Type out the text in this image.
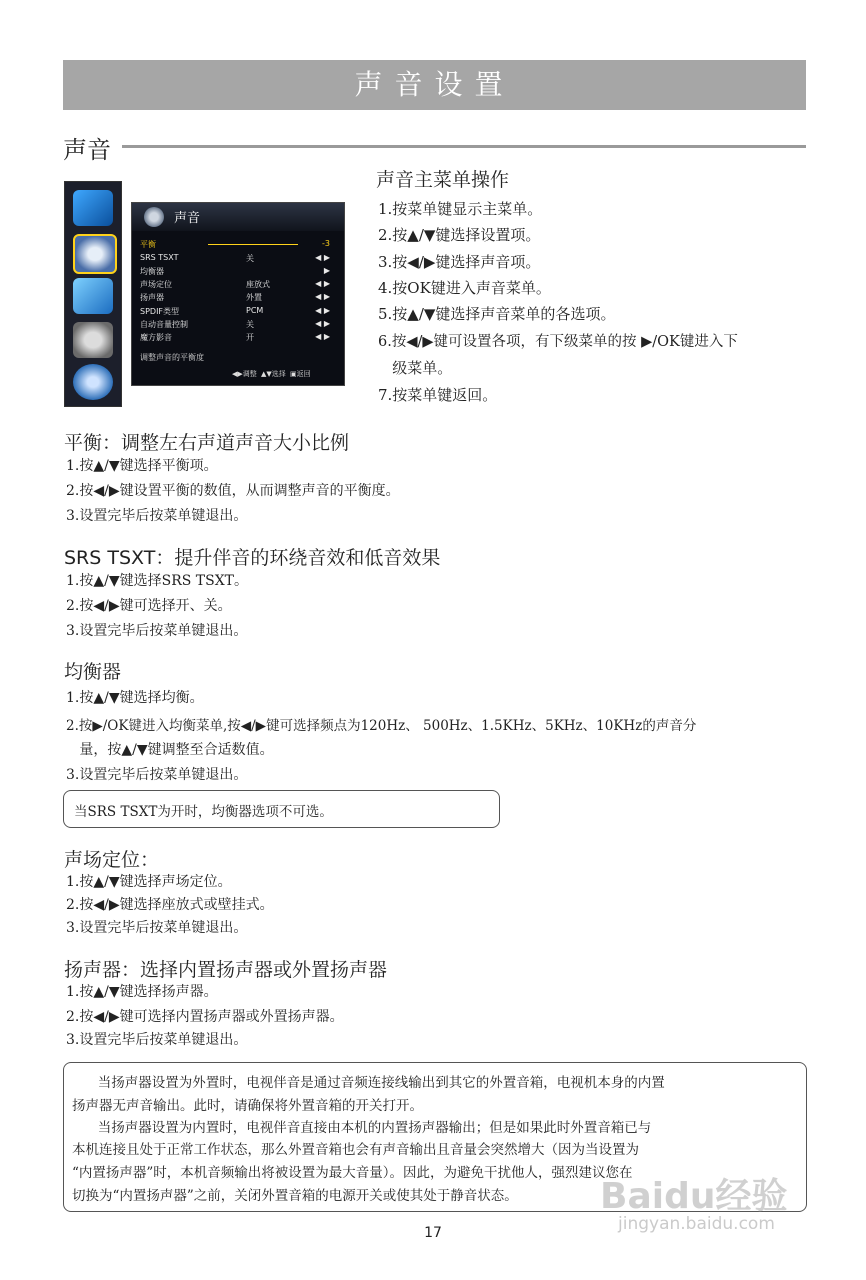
声音设置
声音
声音
平衡	-3
SRS TSXT	关	◀ ▶
均衡器	▶
声场定位	座放式	◀ ▶
扬声器	外置	◀ ▶
SPDIF类型	PCM	◀ ▶
自动音量控制	关	◀ ▶
魔方影音	开	◀ ▶
调整声音的平衡度
◀▶调整 ▲▼选择 ▣返回
声音主菜单操作
1.按菜单键显示主菜单。
2.按▲/▼键选择设置项。
3.按◀/▶键选择声音项。
4.按OK键进入声音菜单。
5.按▲/▼键选择声音菜单的各选项。
6.按◀/▶键可设置各项，有下级菜单的按 ▶/OK键进入下
级菜单。
7.按菜单键返回。
平衡：调整左右声道声音大小比例
1.按▲/▼键选择平衡项。
2.按◀/▶键设置平衡的数值，从而调整声音的平衡度。
3.设置完毕后按菜单键退出。
SRS TSXT：提升伴音的环绕音效和低音效果
1.按▲/▼键选择SRS TSXT。
2.按◀/▶键可选择开、关。
3.设置完毕后按菜单键退出。
均衡器
1.按▲/▼键选择均衡。
2.按▶/OK键进入均衡菜单,按◀/▶键可选择频点为120Hz、 500Hz、1.5KHz、5KHz、10KHz的声音分
量，按▲/▼键调整至合适数值。
3.设置完毕后按菜单键退出。
当SRS TSXT为开时，均衡器选项不可选。
声场定位：
1.按▲/▼键选择声场定位。
2.按◀/▶键选择座放式或壁挂式。
3.设置完毕后按菜单键退出。
扬声器：选择内置扬声器或外置扬声器
1.按▲/▼键选择扬声器。
2.按◀/▶键可选择内置扬声器或外置扬声器。
3.设置完毕后按菜单键退出。
当扬声器设置为外置时，电视伴音是通过音频连接线输出到其它的外置音箱，电视机本身的内置
扬声器无声音输出。此时，请确保将外置音箱的开关打开。
当扬声器设置为内置时，电视伴音直接由本机的内置扬声器输出；但是如果此时外置音箱已与
本机连接且处于正常工作状态，那么外置音箱也会有声音输出且音量会突然增大（因为当设置为
“内置扬声器”时，本机音频输出将被设置为最大音量）。因此，为避免干扰他人，强烈建议您在
切换为“内置扬声器”之前，关闭外置音箱的电源开关或使其处于静音状态。 Baidu经验
jingyan.baidu.com
17
